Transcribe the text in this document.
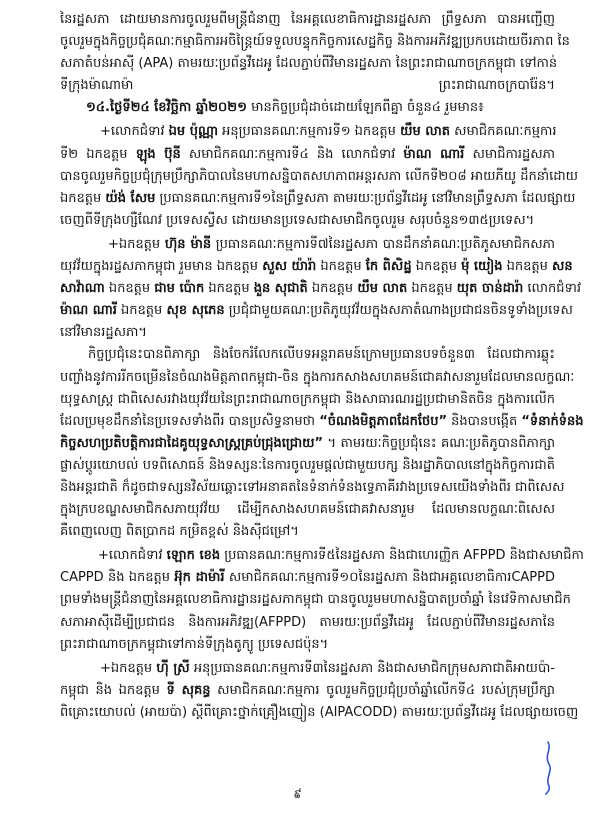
នៃរដ្ឋសភា ដោយមានការចូលរួមពីមន្ត្រីជំនាញ នៃអគ្គលេខាធិការដ្ឋានរដ្ឋសភា ព្រឹទ្ធសភា បានអញ្ជើញ
ចូលរួមក្នុងកិច្ចប្រជុំគណៈកម្មាធិការអចិន្ត្រៃយ៍ទទួលបន្ទុកកិច្ចការសេដ្ឋកិច្ច និងការអភិវឌ្ឍប្រកបដោយចីរភាព នៃ
សភាតំបន់អាស៊ី (APA) តាមរយៈប្រព័ន្ធវីដេអូ ដែលភ្ជាប់ពីវិមានរដ្ឋសភា នៃព្រះរាជាណាចក្រកម្ពុជា ទៅកាន់
ទីក្រុងម៉ាណាម៉ា ព្រះរាជាណាចក្របារ៉ែន។
១៤.ថ្ងៃទី២៤ ខែវិច្ឆិកា ឆ្នាំ២០២១ មានកិច្ចប្រជុំដាច់ដោយឡែកពីគ្នា ចំនួន៤ រួមមាន៖
+លោកជំទាវ ឯម ប៉ុណ្ណា អនុប្រធានគណៈកម្មការទី១ ឯកឧត្តម យឹម លាត សមាជិកគណៈកម្មការ
ទី២ ឯកឧត្តម ឡុង ប៊ុនី សមាជិកគណៈកម្មការទី៤ និង លោកជំទាវ ម៉ាណ ណារី សមាជិការដ្ឋសភា
បានចូលរួមកិច្ចប្រជុំក្រុមប្រឹក្សាភិបាលនៃមហាសន្និបាតសហភាពអន្តរសភា លើកទី២០៨ អាយភីយូ ដឹកនាំដោយ
ឯកឧត្តម យ៉ង់ សែម ប្រធានគណៈកម្មការទី១នៃព្រឹទ្ធសភា តាមរយៈប្រព័ន្ធវីដេអូ នៅវិមានព្រឹទ្ធសភា ដែលផ្សាយ
ចេញពីទីក្រុងហ្សឺណែវ ប្រទេសស្វីស ដោយមានប្រទេសជាសមាជិកចូលរួម សរុបចំនួន១៣៥ប្រទេស។
+ឯកឧត្តម ហ៊ុន ម៉ានី ប្រធានគណៈកម្មការទី៧នៃរដ្ឋសភា បានដឹកនាំគណៈប្រតិភូសមាជិកសភា
យុវវ័យក្នុងរដ្ឋសភាកម្ពុជា រួមមាន ឯកឧត្តម សួស យ៉ារ៉ា ឯកឧត្តម កែ ពិសិដ្ឋ ឯកឧត្តម ម៉ុ យៀង ឯកឧត្តម សន
សាវ៉ាណា ឯកឧត្តម ជាម ប៉ោក ឯកឧត្តម ងួន សុជាតិ ឯកឧត្តម យឹម លាត ឯកឧត្តម យុត ចាន់ដារ៉ា លោកជំទាវ
ម៉ាណ ណារី ឯកឧត្តម សុខ សុភេន ប្រជុំជាមួយគណៈប្រតិភូយុវវ័យក្នុងសភាតំណាងប្រជាជនចិនទូទាំងប្រទេស
នៅវិមានរដ្ឋសភា។
កិច្ចប្រជុំនេះបានពិភាក្សា និងចែករំលែកលើបទអន្តរាគមន៍ក្រោមប្រធានបទចំនួន៣ ដែលជាការឆ្លុះ
បញ្ចាំងនូវការរីកចម្រើននៃចំណងមិត្តភាពកម្ពុជា-ចិន ក្នុងការកសាងសហគមន៍ជោគវាសនារួមដែលមានលក្ខណៈ
យុទ្ធសាស្ត្រ ជាពិសេសរវាងយុវវ័យនៃព្រះរាជាណាចក្រកម្ពុជា និងសាធារណរដ្ឋប្រជាមានិតចិន ក្នុងការលើក
ដែលប្រមុខដឹកនាំនៃប្រទេសទាំងពីរ បានប្រសិទ្ធនាមថា “ចំណងមិត្តភាពដែកថែប” និងបានបង្កើត “ទំនាក់ទំនង
កិច្ចសហប្រតិបត្តិការជាដៃគូយុទ្ធសាស្ត្រគ្រប់ជ្រុងជ្រោយ” ។ តាមរយៈកិច្ចប្រជុំនេះ គណៈប្រតិភូបានពិភាក្សា
ផ្លាស់ប្តូរយោបល់ បទពិសោធន៍ និងទស្សនៈនៃការចូលរួមផ្តល់ជាមួយបក្ស និងរដ្ឋាភិបាលនៅក្នុងកិច្ចការជាតិ
និងអន្តរជាតិ ក៏ដូចជាទស្សនវិស័យឆ្ពោះទៅអនាគតនៃទំនាក់ទំនងទ្វេភាគីរវាងប្រទេសយើងទាំងពីរ ជាពិសេស
ក្នុងក្របខណ្ឌសមាជិកសភាយុវវ័យ ដើម្បីកសាងសហគមន៍ជោគវាសនារួម ដែលមានលក្ខណៈពិសេស
គឺពេញលេញ ពិតប្រាកដ កម្រិតខ្ពស់ និងស៊ីជម្រៅ។
+លោកជំទាវ ឡោក ខេង ប្រធានគណៈកម្មការទី៥នៃរដ្ឋសភា និងជាហេរញ្ញិក AFPPD និងជាសមាជិកា
CAPPD និង ឯកឧត្តម អ៊ុក ដាម៉ារី សមាជិកគណៈកម្មការទី១០នៃរដ្ឋសភា និងជាអគ្គលេខាធិការCAPPD
ព្រមទាំងមន្ត្រីជំនាញនៃអគ្គលេខាធិការដ្ឋានរដ្ឋសភាកម្ពុជា បានចូលរួមមហាសន្និបាតប្រចាំឆ្នាំ នៃវេទិកាសមាជិក
សភាអាស៊ីដើម្បីប្រជាជន និងការអភិវឌ្ឍ(AFPPD) តាមរយៈប្រព័ន្ធវីដេអូ ដែលភ្ជាប់ពីវិមានរដ្ឋសភានៃ
ព្រះរាជាណាចក្រកម្ពុជាទៅកាន់ទីក្រុងតូក្យូ ប្រទេសជប៉ុន។
+ឯកឧត្តម ហ៊ី ស្រី អនុប្រធានគណៈកម្មការទី៣នៃរដ្ឋសភា និងជាសមាជិកក្រុមសភាជាតិអាយប៉ា-
កម្ពុជា និង ឯកឧត្តម ទី សុគន្ធ សមាជិកគណៈកម្មការ ចូលរួមកិច្ចប្រជុំប្រចាំឆ្នាំលើកទី៤ របស់ក្រុមប្រឹក្សា
ពិគ្រោះយោបល់ (អាយប៉ា) ស្តីពីគ្រោះថ្នាក់គ្រឿងញៀន (AIPACODD) តាមរយៈប្រព័ន្ធវីដេអូ ដែលផ្សាយចេញ
៩
